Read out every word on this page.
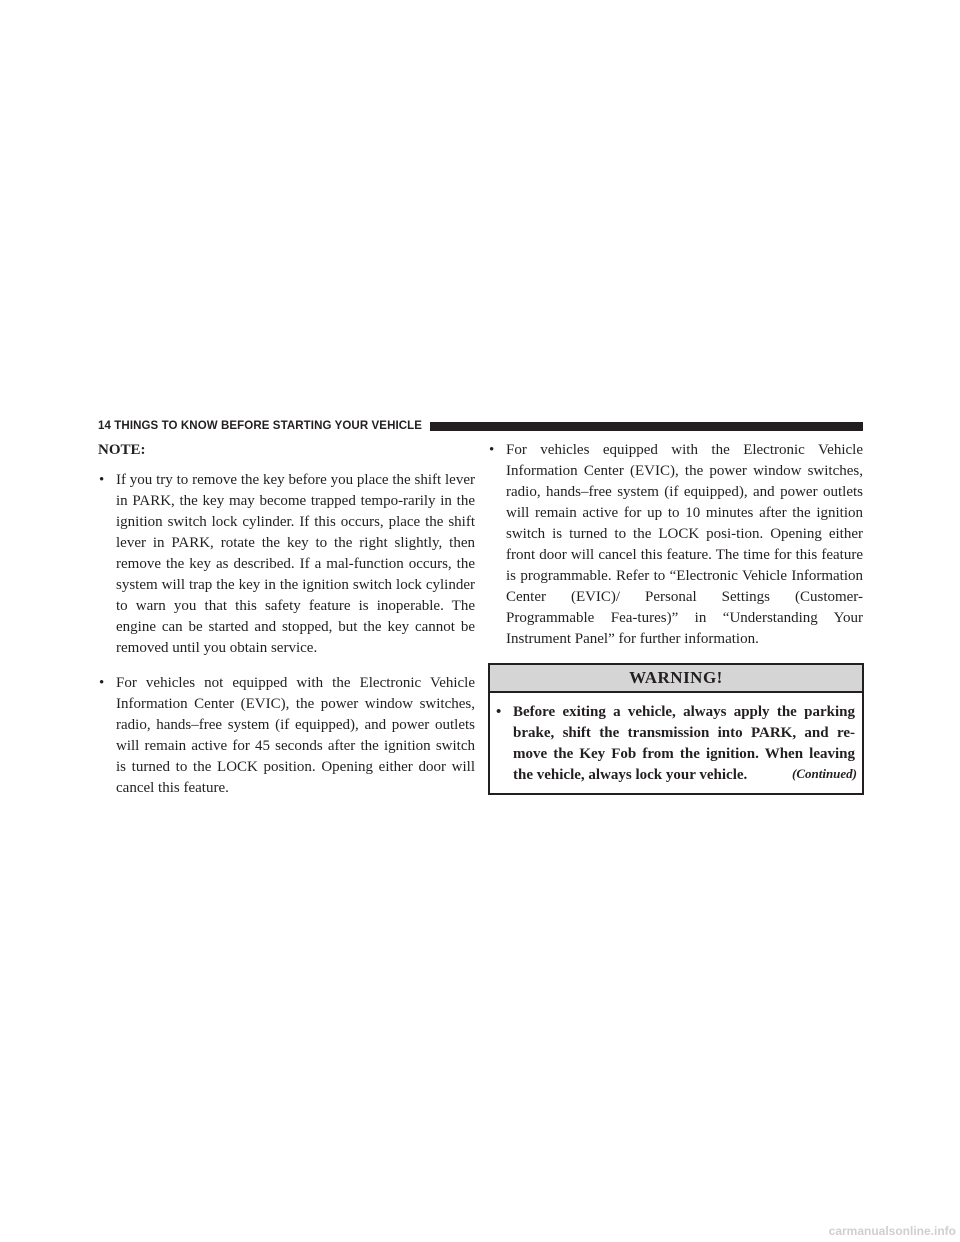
14 THINGS TO KNOW BEFORE STARTING YOUR VEHICLE
NOTE:
• If you try to remove the key before you place the shift lever in PARK, the key may become trapped tempo-rarily in the ignition switch lock cylinder. If this occurs, place the shift lever in PARK, rotate the key to the right slightly, then remove the key as described. If a mal-function occurs, the system will trap the key in the ignition switch lock cylinder to warn you that this safety feature is inoperable. The engine can be started and stopped, but the key cannot be removed until you obtain service.
• For vehicles not equipped with the Electronic Vehicle Information Center (EVIC), the power window switches, radio, hands–free system (if equipped), and power outlets will remain active for 45 seconds after the ignition switch is turned to the LOCK position. Opening either door will cancel this feature.
• For vehicles equipped with the Electronic Vehicle Information Center (EVIC), the power window switches, radio, hands–free system (if equipped), and power outlets will remain active for up to 10 minutes after the ignition switch is turned to the LOCK posi-tion. Opening either front door will cancel this feature. The time for this feature is programmable. Refer to “Electronic Vehicle Information Center (EVIC)/ Personal Settings (Customer-Programmable Fea-tures)” in “Understanding Your Instrument Panel” for further information.
WARNING!
• Before exiting a vehicle, always apply the parking brake, shift the transmission into PARK, and re-move the Key Fob from the ignition. When leaving the vehicle, always lock your vehicle.	(Continued)
carmanualsonline.info
